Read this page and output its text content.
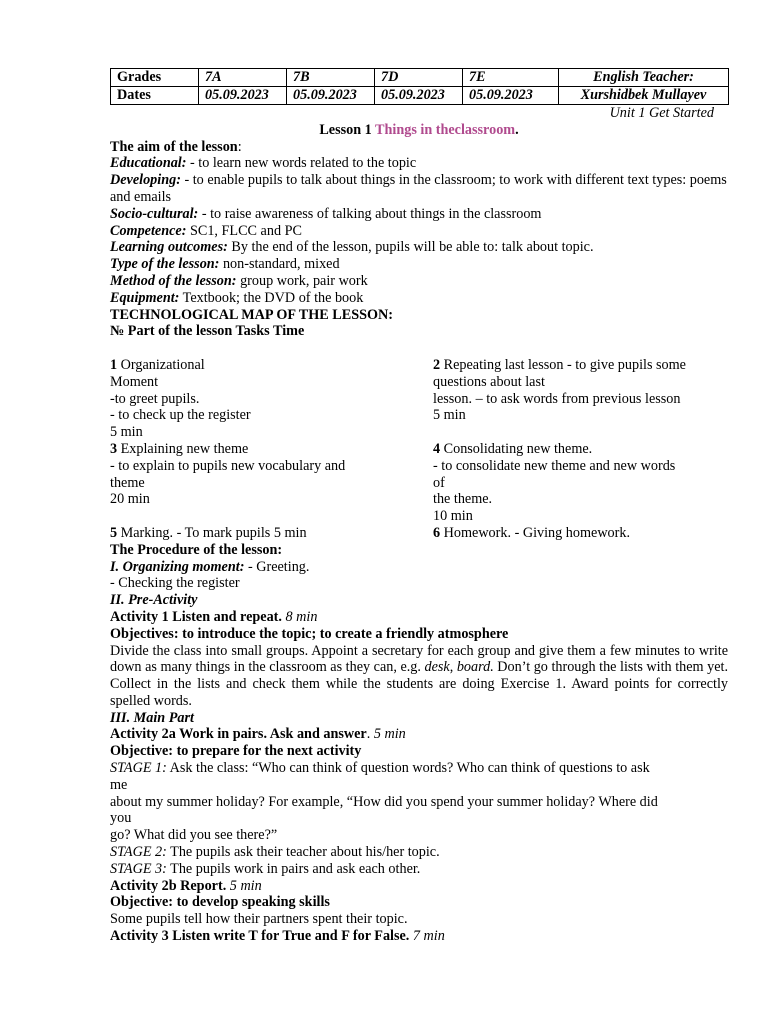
Grades	7A	7B	7D	7E	English Teacher:
Dates	05.09.2023	05.09.2023	05.09.2023	05.09.2023	Xurshidbek Mullayev

Unit 1 Get Started

Lesson 1 Things in theclassroom.

The aim of the lesson:

Educational: - to learn new words related to the topic

Developing: - to enable pupils to talk about things in the classroom; to work with different text types: poems and emails

Socio-cultural: - to raise awareness of talking about things in the classroom

Competence: SC1, FLCC and PC

Learning outcomes: By the end of the lesson, pupils will be able to: talk about topic.

Type of the lesson: non-standard, mixed

Method of the lesson: group work, pair work

Equipment: Textbook; the DVD of the book

TECHNOLOGICAL MAP OF THE LESSON:

№ Part of the lesson Tasks Time

1 Organizational

Moment

-to greet pupils.

- to check up the register

5 min

2 Repeating last lesson - to give pupils some

questions about last

lesson. – to ask words from previous lesson

5 min

3 Explaining new theme

- to explain to pupils new vocabulary and

theme

20 min

4 Consolidating new theme.

- to consolidate new theme and new words

of

the theme.

10 min

5 Marking. - To mark pupils 5 min	6 Homework. - Giving homework.

The Procedure of the lesson:

I. Organizing moment: - Greeting.

- Checking the register

II. Pre-Activity

Activity 1 Listen and repeat. 8 min

Objectives: to introduce the topic; to create a friendly atmosphere

Divide the class into small groups. Appoint a secretary for each group and give them a few minutes to write down as many things in the classroom as they can, e.g. desk, board. Don’t go through the lists with them yet. Collect in the lists and check them while the students are doing Exercise 1. Award points for correctly spelled words.

III. Main Part

Activity 2a Work in pairs. Ask and answer. 5 min

Objective: to prepare for the next activity

STAGE 1: Ask the class: “Who can think of question words? Who can think of questions to ask

me

about my summer holiday? For example, “How did you spend your summer holiday? Where did

you

go? What did you see there?”

STAGE 2: The pupils ask their teacher about his/her topic.

STAGE 3: The pupils work in pairs and ask each other.

Activity 2b Report. 5 min

Objective: to develop speaking skills

Some pupils tell how their partners spent their topic.

Activity 3 Listen write T for True and F for False. 7 min
